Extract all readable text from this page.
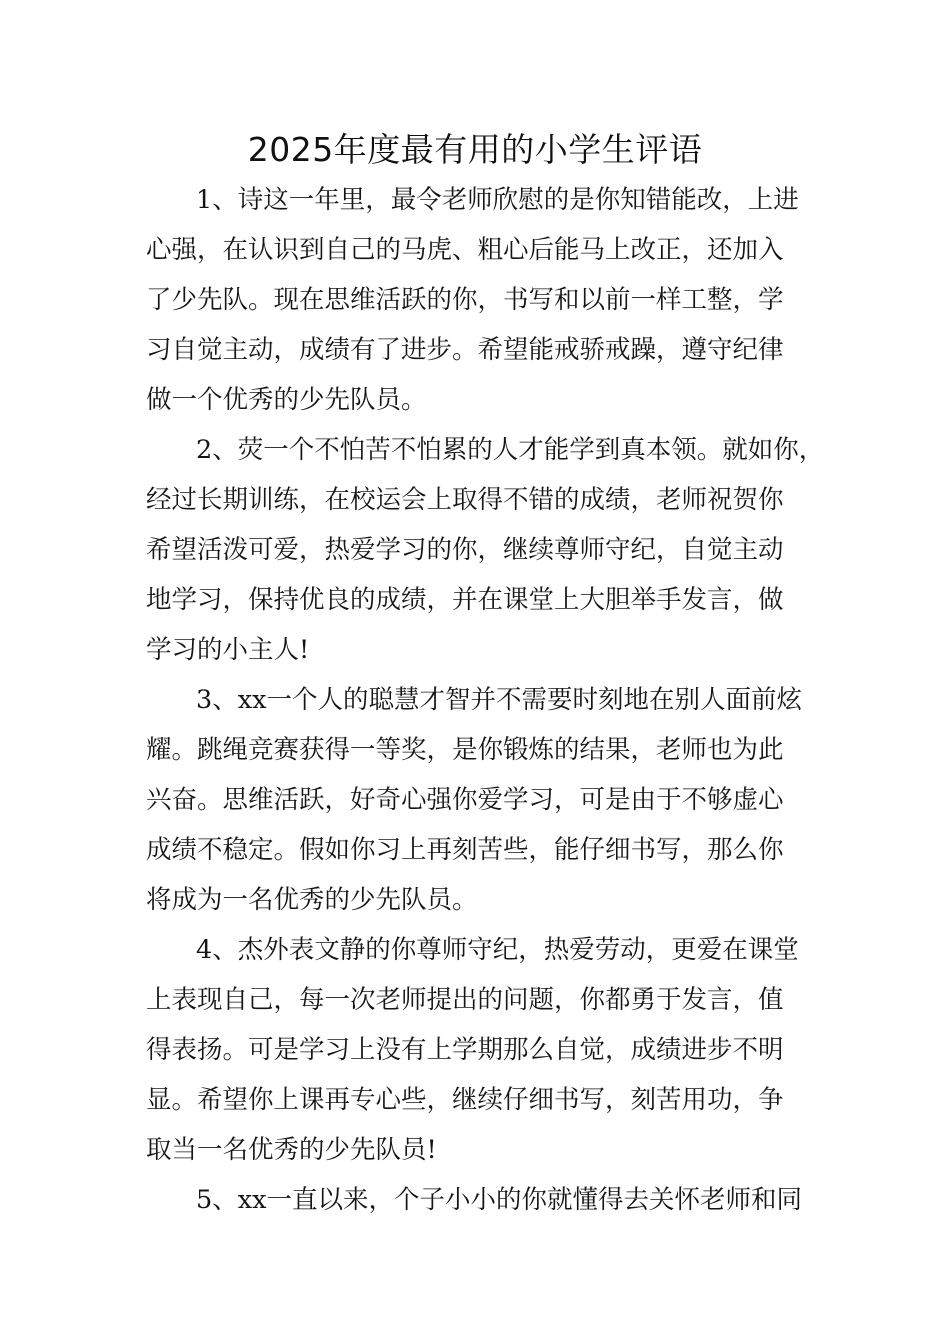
2025年度最有用的小学生评语
1、诗这一年里，最令老师欣慰的是你知错能改，上进
心强，在认识到自己的马虎、粗心后能马上改正，还加入
了少先队。现在思维活跃的你，书写和以前一样工整，学
习自觉主动，成绩有了进步。希望能戒骄戒躁，遵守纪律
做一个优秀的少先队员。
2、荧一个不怕苦不怕累的人才能学到真本领。就如你，
经过长期训练，在校运会上取得不错的成绩，老师祝贺你
希望活泼可爱，热爱学习的你，继续尊师守纪，自觉主动
地学习，保持优良的成绩，并在课堂上大胆举手发言，做
学习的小主人!
3、xx一个人的聪慧才智并不需要时刻地在别人面前炫
耀。跳绳竞赛获得一等奖，是你锻炼的结果，老师也为此
兴奋。思维活跃，好奇心强你爱学习，可是由于不够虚心
成绩不稳定。假如你习上再刻苦些，能仔细书写，那么你
将成为一名优秀的少先队员。
4、杰外表文静的你尊师守纪，热爱劳动，更爱在课堂
上表现自己，每一次老师提出的问题，你都勇于发言，值
得表扬。可是学习上没有上学期那么自觉，成绩进步不明
显。希望你上课再专心些，继续仔细书写，刻苦用功，争
取当一名优秀的少先队员!
5、xx一直以来，个子小小的你就懂得去关怀老师和同
